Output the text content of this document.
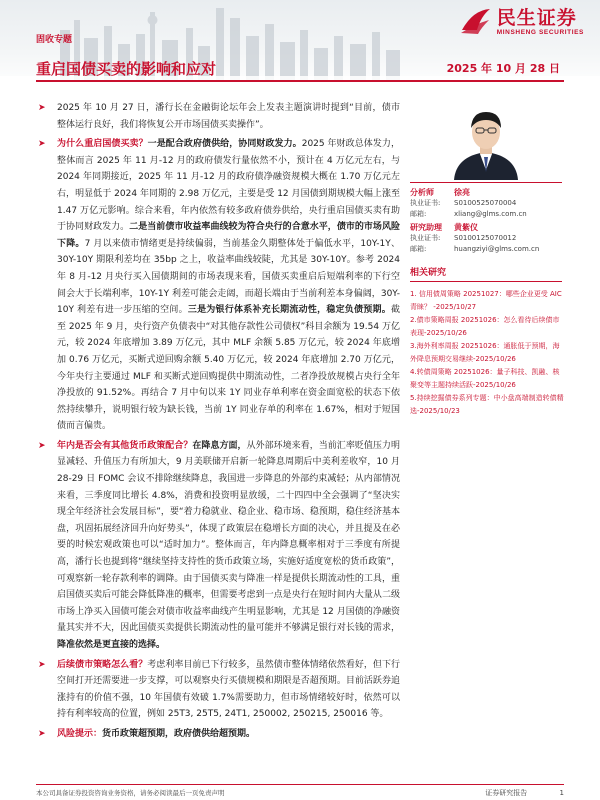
民生证券
MINSHENG SECURITIES
固收专题
重启国债买卖的影响和应对	2025 年 10 月 28 日
➤ 2025 年 10 月 27 日，潘行长在金融街论坛年会上发表主题演讲时提到“目前，债市整体运行良好，我们将恢复公开市场国债买卖操作”。
➤ 为什么重启国债买卖？一是配合政府债供给，协同财政发力。2025 年财政总体发力，整体而言 2025 年 11 月-12 月的政府债发行量依然不小，预计在 4 万亿元左右，与 2024 年同期接近，2025 年 11 月-12 月的政府债净融资规模大概在 1.70 万亿元左右，明显低于 2024 年同期的 2.98 万亿元，主要是受 12 月国债到期规模大幅上涨至 1.47 万亿元影响。综合来看，年内依然有较多政府债券供给，央行重启国债买卖有助于协同财政发力。二是当前债市收益率曲线较为符合央行的合意水平，债市的市场风险下降。7 月以来债市情绪更是持续偏弱，当前基金久期整体处于偏低水平，10Y-1Y、30Y-10Y 期限利差均在 35bp 之上，收益率曲线较陡，尤其是 30Y-10Y。参考 2024 年 8 月-12 月央行买入国债期间的市场表现来看，国债买卖重启后短端利率的下行空间会大于长端利率，10Y-1Y 利差可能会走阔，而超长端由于当前利差本身偏阔，30Y-10Y 利差有进一步压缩的空间。三是为银行体系补充长期流动性，稳定负债预期。截至 2025 年 9 月，央行资产负债表中“对其他存款性公司债权”科目余额为 19.54 万亿元，较 2024 年底增加 3.89 万亿元，其中 MLF 余额 5.85 万亿元，较 2024 年底增加 0.76 万亿元，买断式逆回购余额 5.40 万亿元，较 2024 年底增加 2.70 万亿元，今年央行主要通过 MLF 和买断式逆回购提供中期流动性，二者净投放规模占央行全年净投放的 91.52%。再结合 7 月中旬以来 1Y 同业存单利率在资金面宽松的状态下依然持续攀升，说明银行较为缺长钱，当前 1Y 同业存单的利率在 1.67%，相对于短国债而言偏贵。
➤ 年内是否会有其他货币政策配合？在降息方面，从外部环境来看，当前汇率贬值压力明显减轻、升值压力有所加大，9 月美联储开启新一轮降息周期后中美利差收窄，10 月 28-29 日 FOMC 会议不排除继续降息，我国进一步降息的外部约束减轻；从内部情况来看，三季度同比增长 4.8%，消费和投资明显放缓，二十四四中全会强调了“坚决实现全年经济社会发展目标”，要“着力稳就业、稳企业、稳市场、稳预期，稳住经济基本盘，巩固拓展经济回升向好势头”，体现了政策层在稳增长方面的决心，并且提及在必要的时候宏观政策也可以“适时加力”。整体而言，年内降息概率相对于三季度有所提高，潘行长也提到将“继续坚持支持性的货币政策立场，实施好适度宽松的货币政策”，可观察新一轮存款利率的调降。由于国债买卖与降准一样是提供长期流动性的工具，重启国债买卖后可能会降低降准的概率，但需要考虑到一点是央行在短时间内大量从二级市场上净买入国债可能会对债市收益率曲线产生明显影响，尤其是 12 月国债的净融资量其实并不大，因此国债买卖提供长期流动性的量可能并不够满足银行对长钱的需求，降准依然是更直接的选择。
➤ 后续债市策略怎么看？考虑利率目前已下行较多，虽然债市整体情绪依然看好，但下行空间打开还需要进一步支撑，可以观察央行买债规模和期限是否超预期。目前活跃券追涨持有的价值不强，10 年国债有效破 1.7%需要助力，但市场情绪较好时，依然可以持有利率较高的位置，例如 25T3, 25T5, 24T1, 250002, 250215, 250016 等。
➤ 风险提示：货币政策超预期，政府债供给超预期。
分析师	徐亮
执业证书: S0100525070004
邮箱:	xliang@glms.com.cn
研究助理	黄紫仪
执业证书: S0100125070012
邮箱:	huangziyi@glms.com.cn
相关研究
1. 信用债周策略 20251027：哪些企业更受 AIC 青睐？ -2025/10/27
2.债市策略周报 20251026：怎么看待后续债市表现-2025/10/26
3.海外利率周报 20251026：通胀低于预期，海外降息预期交易继续-2025/10/26
4.转债周策略 20251026：量子科技、凯融、核聚变等主题持续活跃-2025/10/26
5.持续挖掘债券系列专题：中小盘高端制造转债精选-2025/10/23
本公司具备证券投资咨询业务资格，请务必阅读最后一页免责声明	证券研究报告	1
